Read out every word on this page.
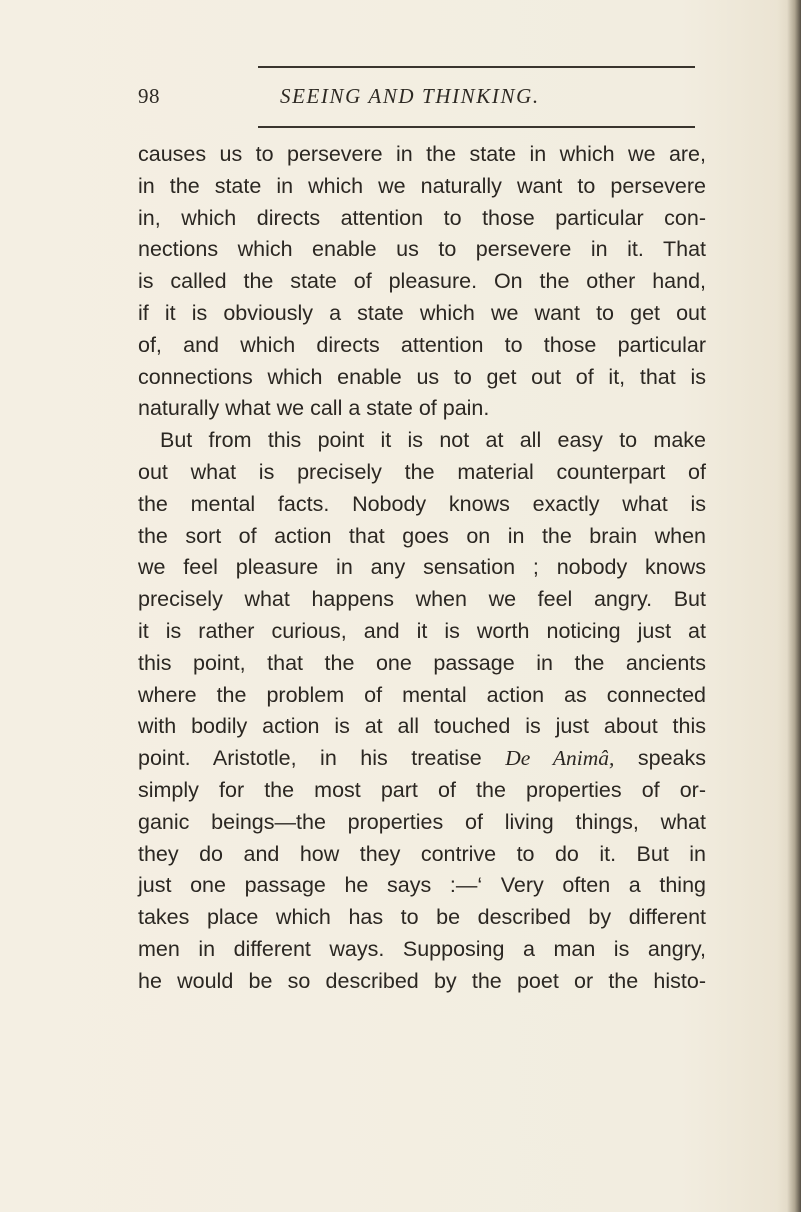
98	SEEING AND THINKING.
causes us to persevere in the state in which we are,
in the state in which we naturally want to persevere
in, which directs attention to those particular con-
nections which enable us to persevere in it. That
is called the state of pleasure. On the other hand,
if it is obviously a state which we want to get out
of, and which directs attention to those particular
connections which enable us to get out of it, that is
naturally what we call a state of pain.
But from this point it is not at all easy to make
out what is precisely the material counterpart of
the mental facts. Nobody knows exactly what is
the sort of action that goes on in the brain when
we feel pleasure in any sensation ; nobody knows
precisely what happens when we feel angry. But
it is rather curious, and it is worth noticing just at
this point, that the one passage in the ancients
where the problem of mental action as connected
with bodily action is at all touched is just about this
point. Aristotle, in his treatise De Animâ, speaks
simply for the most part of the properties of or-
ganic beings—the properties of living things, what
they do and how they contrive to do it. But in
just one passage he says :—‘ Very often a thing
takes place which has to be described by different
men in different ways. Supposing a man is angry,
he would be so described by the poet or the histo-
